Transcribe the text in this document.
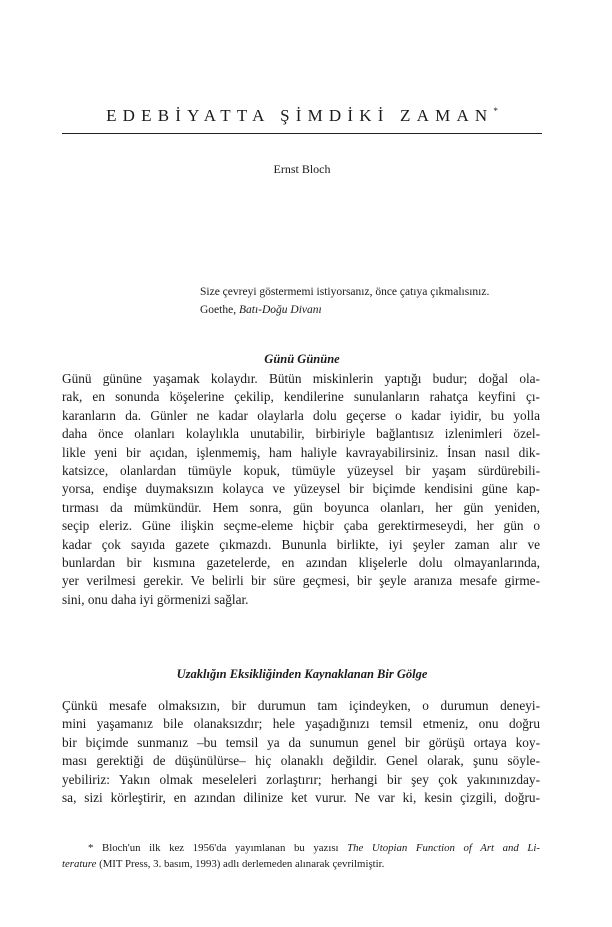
EDEBİYATTA ŞİMDİKİ ZAMAN*
Ernst Bloch
Size çevreyi göstermemi istiyorsanız, önce çatıya çıkmalısınız.
Goethe, Batı-Doğu Divanı
Günü Gününe
Günü gününe yaşamak kolaydır. Bütün miskinlerin yaptığı budur; doğal ola-
rak, en sonunda köşelerine çekilip, kendilerine sunulanların rahatça keyfini çı-
karanların da. Günler ne kadar olaylarla dolu geçerse o kadar iyidir, bu yolla
daha önce olanları kolaylıkla unutabilir, birbiriyle bağlantısız izlenimleri özel-
likle yeni bir açıdan, işlenmemiş, ham haliyle kavrayabilirsiniz. İnsan nasıl dik-
katsizce, olanlardan tümüyle kopuk, tümüyle yüzeysel bir yaşam sürdürebili-
yorsa, endişe duymaksızın kolayca ve yüzeysel bir biçimde kendisini güne kap-
tırması da mümkündür. Hem sonra, gün boyunca olanları, her gün yeniden,
seçip eleriz. Güne ilişkin seçme-eleme hiçbir çaba gerektirmeseydi, her gün o
kadar çok sayıda gazete çıkmazdı. Bununla birlikte, iyi şeyler zaman alır ve
bunlardan bir kısmına gazetelerde, en azından klişelerle dolu olmayanlarında,
yer verilmesi gerekir. Ve belirli bir süre geçmesi, bir şeyle aranıza mesafe girme-
sini, onu daha iyi görmenizi sağlar.
Uzaklığın Eksikliğinden Kaynaklanan Bir Gölge
Çünkü mesafe olmaksızın, bir durumun tam içindeyken, o durumun deneyi-
mini yaşamanız bile olanaksızdır; hele yaşadığınızı temsil etmeniz, onu doğru
bir biçimde sunmanız –bu temsil ya da sunumun genel bir görüşü ortaya koy-
ması gerektiği de düşünülürse– hiç olanaklı değildir. Genel olarak, şunu söyle-
yebiliriz: Yakın olmak meseleleri zorlaştırır; herhangi bir şey çok yakınınızday-
sa, sizi körleştirir, en azından dilinize ket vurur. Ne var ki, kesin çizgili, doğru-
* Bloch'un ilk kez 1956'da yayımlanan bu yazısı The Utopian Function of Art and Li-
terature (MIT Press, 3. basım, 1993) adlı derlemeden alınarak çevrilmiştir.
